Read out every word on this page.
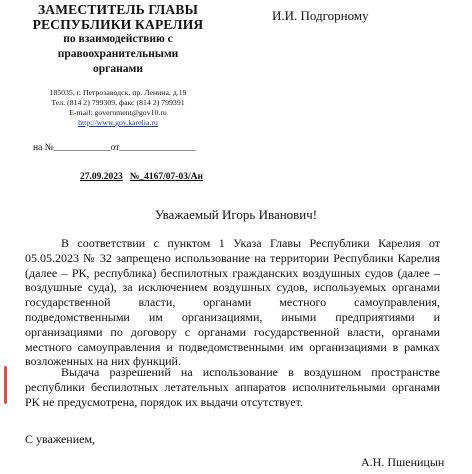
ЗАМЕСТИТЕЛЬ ГЛАВЫ
РЕСПУБЛИКИ КАРЕЛИЯ
по взаимодействию с
правоохранительными
органами
185035, г. Петрозаводск, пр. Ленина, д.19
Тел. (814 2) 799309, факс (814 2) 799391
E-mail: government@gov10.ru
http://www.gov.karelia.ru
И.И. Подгорному
на №____________от________________
27.09.2023 №_4167/07-03/Ан
Уважаемый Игорь Иванович!
В соответствии с пунктом 1 Указа Главы Республики Карелия от 05.05.2023 № 32 запрещено использование на территории Республики Карелия (далее – РК, республика) беспилотных гражданских воздушных судов (далее – воздушные суда), за исключением воздушных судов, используемых органами государственной власти, органами местного самоуправления, подведомственными им организациями, иными предприятиями и организациями по договору с органами государственной власти, органами местного самоуправления и подведомственными им организациями в рамках возложенных на них функций.
Выдача разрешений на использование в воздушном пространстве республики беспилотных летательных аппаратов исполнительными органами РК не предусмотрена, порядок их выдачи отсутствует.
С уважением,
А.Н. Пшеницын
